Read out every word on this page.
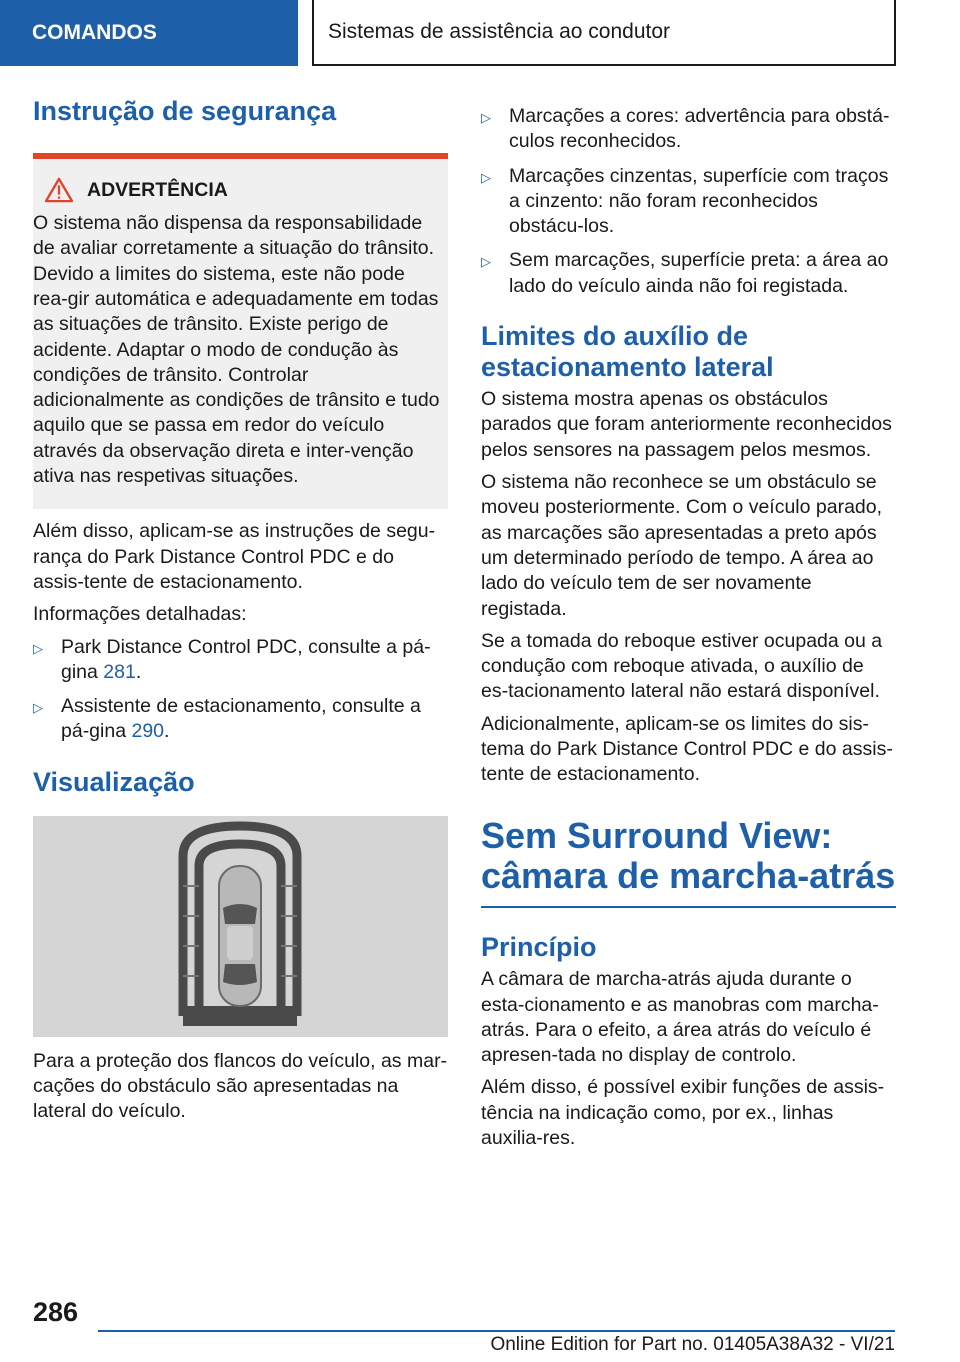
COMANDOS	Sistemas de assistência ao condutor
Instrução de segurança
ADVERTÊNCIA

O sistema não dispensa da responsabilidade de avaliar corretamente a situação do trânsito. Devido a limites do sistema, este não pode rea-gir automática e adequadamente em todas as situações de trânsito. Existe perigo de acidente. Adaptar o modo de condução às condições de trânsito. Controlar adicionalmente as condições de trânsito e tudo aquilo que se passa em redor do veículo através da observação direta e inter-venção ativa nas respetivas situações.

Além disso, aplicam-se as instruções de segu-rança do Park Distance Control PDC e do assis-tente de estacionamento.

Informações detalhadas:

▷ Park Distance Control PDC, consulte a pá-gina 281.
▷ Assistente de estacionamento, consulte a pá-gina 290.
Visualização

Para a proteção dos flancos do veículo, as mar-cações do obstáculo são apresentadas na lateral do veículo.

▷ Marcações a cores: advertência para obstá-culos reconhecidos.
▷ Marcações cinzentas, superfície com traços a cinzento: não foram reconhecidos obstácu-los.
▷ Sem marcações, superfície preta: a área ao lado do veículo ainda não foi registada.
Limites do auxílio de estacionamento lateral

O sistema mostra apenas os obstáculos parados que foram anteriormente reconhecidos pelos sensores na passagem pelos mesmos.

O sistema não reconhece se um obstáculo se moveu posteriormente. Com o veículo parado, as marcações são apresentadas a preto após um determinado período de tempo. A área ao lado do veículo tem de ser novamente registada.

Se a tomada do reboque estiver ocupada ou a condução com reboque ativada, o auxílio de es-tacionamento lateral não estará disponível.

Adicionalmente, aplicam-se os limites do sis-tema do Park Distance Control PDC e do assis-tente de estacionamento.

Sem Surround View: câmara de marcha-atrás
Princípio

A câmara de marcha-atrás ajuda durante o esta-cionamento e as manobras com marcha-atrás. Para o efeito, a área atrás do veículo é apresen-tada no display de controlo.

Além disso, é possível exibir funções de assis-tência na indicação como, por ex., linhas auxilia-res.

286
Online Edition for Part no. 01405A38A32 - VI/21
